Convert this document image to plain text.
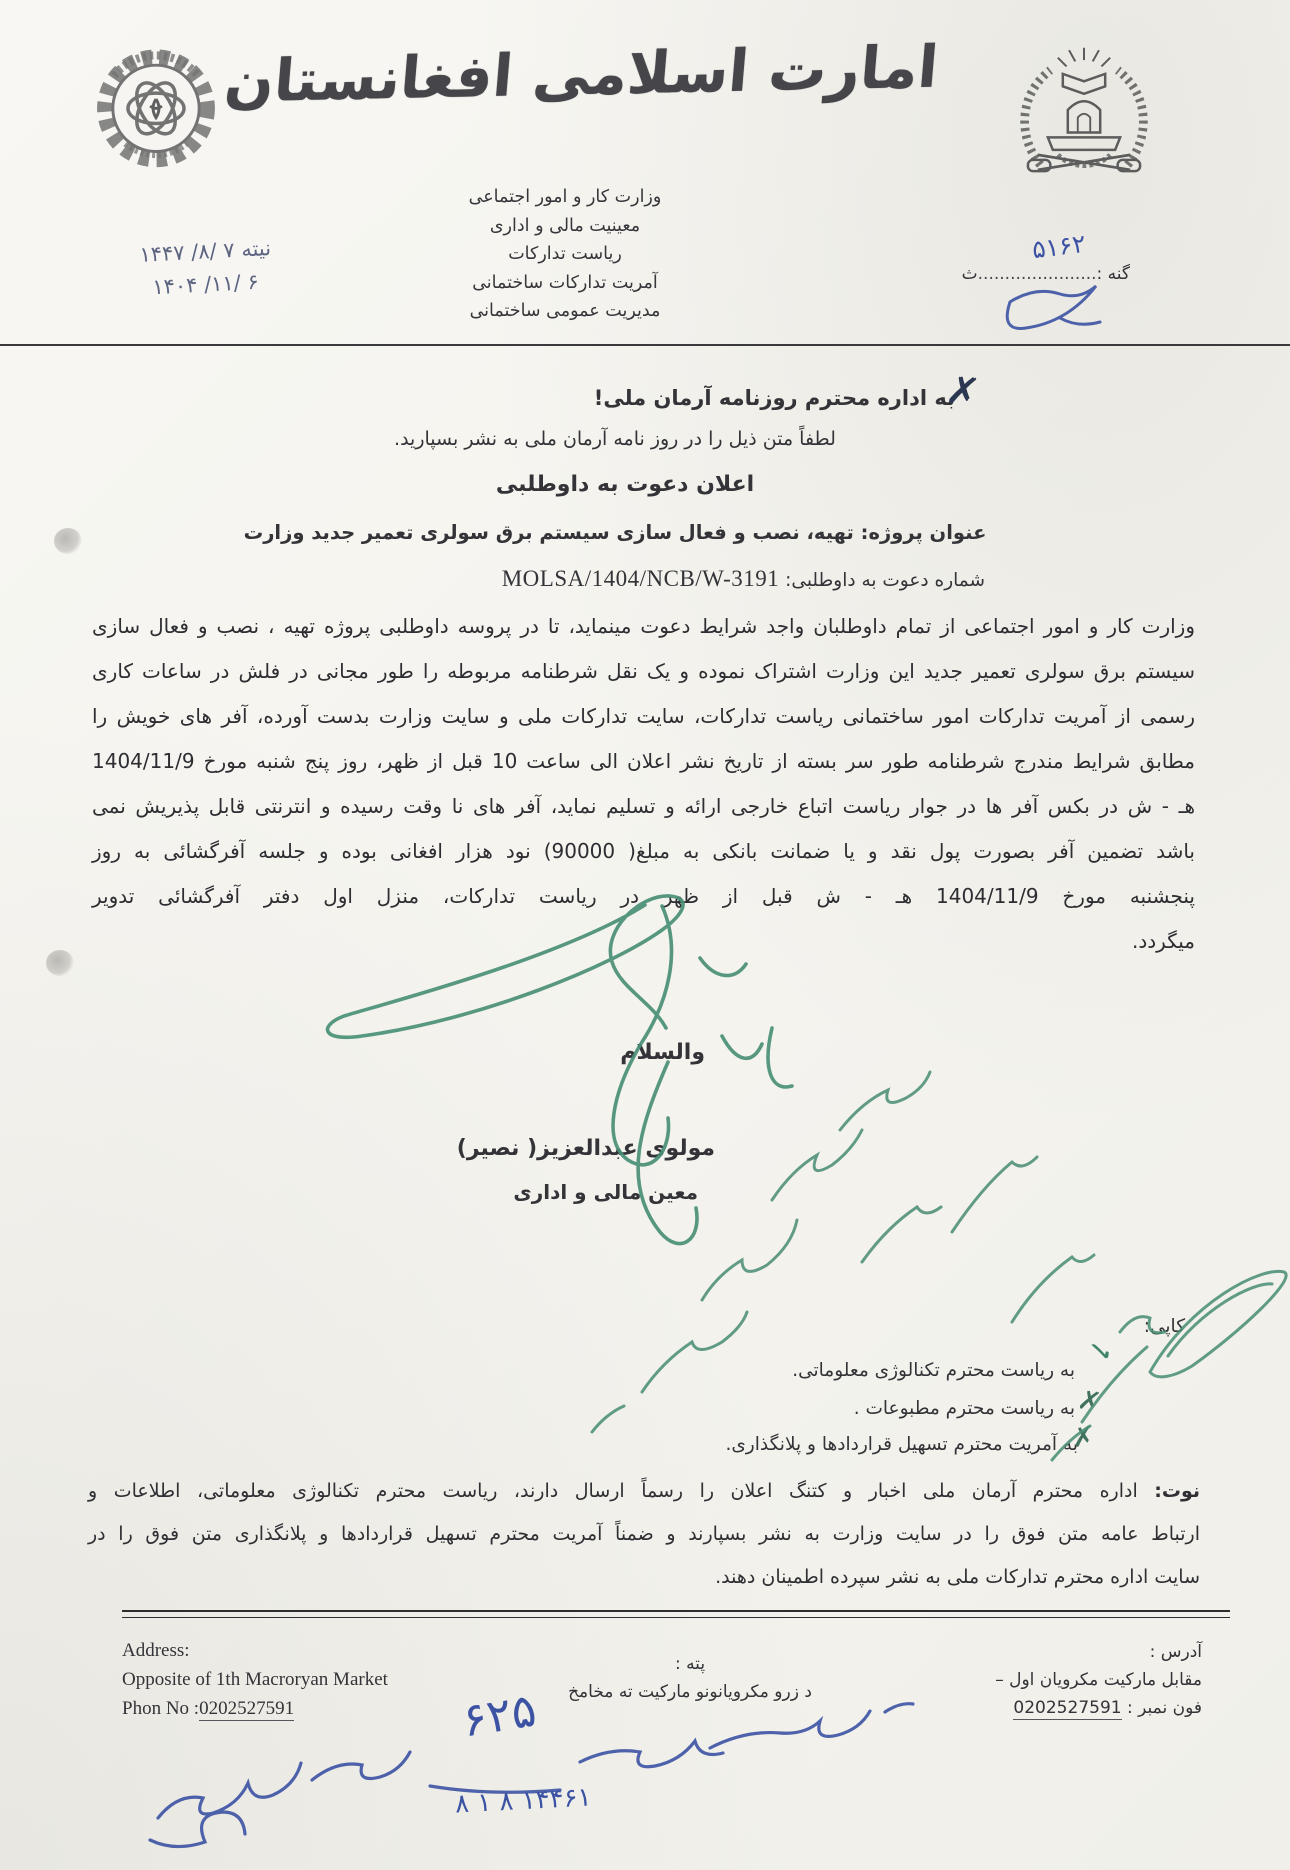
امارت اسلامی افغانستان
وزارت کار و امور اجتماعی
معینیت مالی و اداری
ریاست تدارکات
آمریت تدارکات ساختمانی
مدیریت عمومی ساختمانی
نیته ۷ /۸/ ۱۴۴۷
۶ /۱۱/ ۱۴۰۴	گنه :......................ث
۵۱۶۲
به اداره محترم روزنامه آرمان ملی!
✗
لطفاً متن ذیل را در روز نامه آرمان ملی به نشر بسپارید.
اعلان دعوت به داوطلبی
عنوان پروژه: تهیه، نصب و فعال سازی سیستم برق سولری تعمیر جدید وزارت
شماره دعوت به داوطلبی: MOLSA/1404/NCB/W-3191
وزارت کار و امور اجتماعی از تمام داوطلبان واجد شرایط دعوت مینماید، تا در پروسه داوطلبی پروژه تهیه ، نصب و فعال سازی
سیستم برق سولری تعمیر جدید این وزارت اشتراک نموده و یک نقل شرطنامه مربوطه را طور مجانی در فلش در ساعات کاری
رسمی از آمریت تدارکات امور ساختمانی ریاست تدارکات، سایت تدارکات ملی و سایت وزارت بدست آورده، آفر های خویش را
مطابق شرایط مندرج شرطنامه طور سر بسته از تاریخ نشر اعلان الی ساعت 10 قبل از ظهر، روز پنج شنبه مورخ 1404/11/9
هـ - ش در بکس آفر ها در جوار ریاست اتباع خارجی ارائه و تسلیم نماید، آفر های نا وقت رسیده و انترنتی قابل پذیریش نمی
باشد تضمین آفر بصورت پول نقد و یا ضمانت بانکی به مبلغ( 90000) نود هزار افغانی بوده و جلسه آفرگشائی به روز
پنجشنبه مورخ 1404/11/9 هـ - ش قبل از ظهر در ریاست تدارکات، منزل اول دفتر آفرگشائی تدویر
میگردد.
والسلام
مولوی عبدالعزیز( نصیر)
معین مالی و اداری
کاپی:
به ریاست محترم تکنالوژی معلوماتی. ✓
به ریاست محترم مطبوعات . ✗
به آمریت محترم تسهیل قراردادها و پلانگذاری.
✗
نوت: اداره محترم آرمان ملی اخبار و کتنگ اعلان را رسماً ارسال دارند، ریاست محترم تکنالوژی معلوماتی، اطلاعات و
ارتباط عامه متن فوق را در سایت وزارت به نشر بسپارند و ضمناً آمریت محترم تسهیل قراردادها و پلانگذاری متن فوق را در
سایت اداره محترم تدارکات ملی به نشر سپرده اطمینان دهند.
آدرس :
مقابل مارکیت مکرویان اول –
فون نمبر : 0202527591
پته :
د زرو مکرویانونو مارکیت ته مخامخ
Address:
Opposite of 1th Macroryan Market
Phon No :0202527591	۶۲۵
۱۴۴۶۱ ۸ ۱ ۸
